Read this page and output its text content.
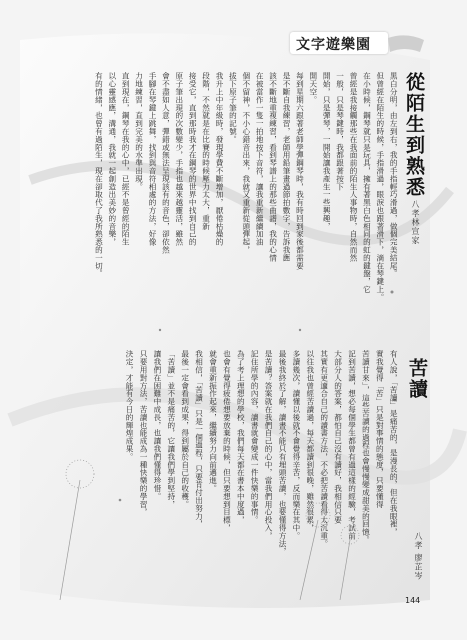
文字遊樂園
從陌生到熟悉
八孝林宣家
苦讀
八孝 廖芷岑
144
黑白分明，由左到右，我的手指輕巧滑過，做個完美結尾。
但曾經在陌生的時候，手指滑過，眼淚也跟著滑下，滴在琴鍵上。
在小時候，鋼琴就只是玩具，擁有著黑白色相同的虹的鍵盤，它
曾經是我接觸那些在我面前的陌生人事物時，自然而然
一般，只是琴鍵時，我都跟著按下
開始，只是彈琴，一開始讓我產生一些興趣，
開天空。
每到星期六跟著老師學彈鋼琴時，我有時回到家後都需要
是不斷自我練習，老師用鉛筆畫過節拍數字，告訴我應
該不斷地重複練習，看到琴譜上的那些曲譜，我的心情
在被當作一隻一拍地按下音符，讓我重新繼續加油
個不留神，不小心錯音出來，我就又重新從頭彈起，
拔下原子筆的記號。
我升上中年級時，發現學費不斷增加，厭倦枯燥的
段階，不然就是在比賽的時候壓力太大，重新
接受它，直到那時我才在鋼琴的世界中找到自己的
原子筆出現的次數變少，手指也越來越靈活，雖然
會不盡如人意，彈錯或無法呈現該有的音色，卻依然
手腳在琴鍵上跳舞，找到與音符相處的方法，好像
力地練習，直到完美的水準出現。
直到現在，鋼琴在我的心中，已經不是曾經的陌生
以心靈感應，溝通，我就一起創造出美妙的音樂，
有的情緒，也曾有過陌生，現在卻取代了我所熟悉的一切。
有人說，「苦讀」是痛苦的，是漫長的，但在我眼裡，
實我覺得「苦」只是對事情的態度，只要懂得
苦讀甘來」，這些苦讀的過程也會慢慢變成甜美的回憶。
記到苦讀，想必每個學生都曾有過這樣的經驗，考試前
大部分人的答案，都怕自己沒有讀好，我相信只要
其實有更適合自己的讀書方法，不必把苦讀看得太沉重。
以往我也曾經苦讀過，每天都讀到很晚，雖然很累，
多讀幾次，讀懂以後就不會覺得辛苦，反而樂在其中。
最後我終於了解，讀書不能只有埋頭苦讀，也要懂得方法，
是苦讀？答案就在我們自己的心中，當我們用心投入，
記住所學的內容，讀書就會變成一件快樂的事情。
為了考上理想的學校，我們每天都在書本中度過，
也會有覺得疲倦想要放棄的時候，但只要想到目標，
就會重新振作起來，繼續努力向前邁進。
我相信，「苦讀」只是一個過程，只要肯付出努力，
最後一定會看到成果，得到屬於自己的收穫。
「苦讀」並不是痛苦的，它讓我們學到堅持，
讓我們在困難中成長，也讓我們懂得珍惜。
只要用對方法，苦讀也能成為一種快樂的學習，
決定，才能有今日的輝煌成果。
